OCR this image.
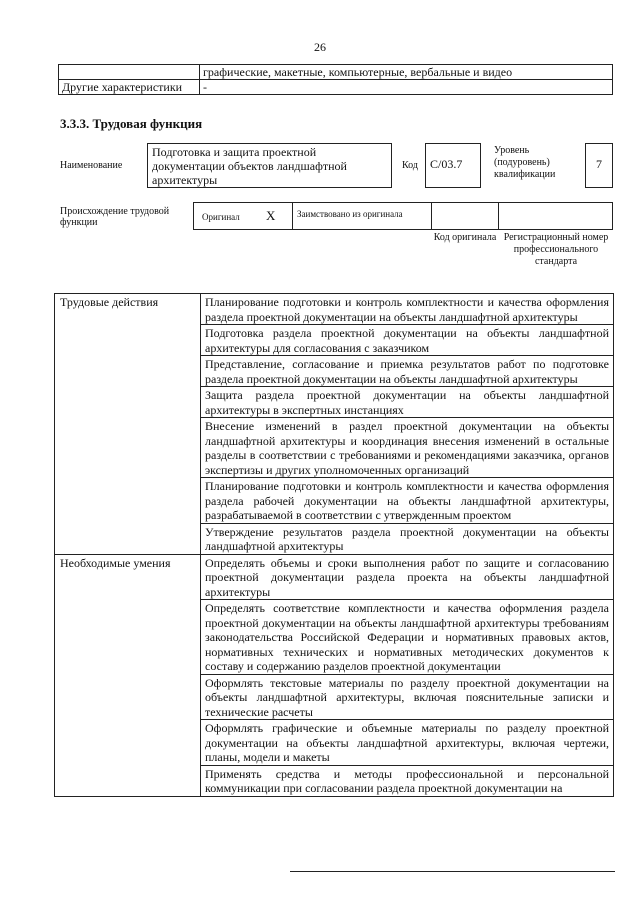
26
	графические, макетные, компьютерные, вербальные и видео
Другие характеристики	-
3.3.3. Трудовая функция
Наименование
Подготовка и защита проектной документации объектов ландшафтной архитектуры
Код	С/03.7
Уровень (подуровень) квалификации
7
Происхождение трудовой функции	Оригинал X	Заимствовано из оригинала
Код оригинала Регистрационный номер профессионального стандарта
Трудовые действия	Планирование подготовки и контроль комплектности и качества оформления раздела проектной документации на объекты ландшафтной архитектуры
	Подготовка раздела проектной документации на объекты ландшафтной архитектуры для согласования с заказчиком
	Представление, согласование и приемка результатов работ по подготовке раздела проектной документации на объекты ландшафтной архитектуры
	Защита раздела проектной документации на объекты ландшафтной архитектуры в экспертных инстанциях
	Внесение изменений в раздел проектной документации на объекты ландшафтной архитектуры и координация внесения изменений в остальные разделы в соответствии с требованиями и рекомендациями заказчика, органов экспертизы и других уполномоченных организаций
	Планирование подготовки и контроль комплектности и качества оформления раздела рабочей документации на объекты ландшафтной архитектуры, разрабатываемой в соответствии с утвержденным проектом
	Утверждение результатов раздела проектной документации на объекты ландшафтной архитектуры
Необходимые умения	Определять объемы и сроки выполнения работ по защите и согласованию проектной документации раздела проекта на объекты ландшафтной архитектуры
	Определять соответствие комплектности и качества оформления раздела проектной документации на объекты ландшафтной архитектуры требованиям законодательства Российской Федерации и нормативных правовых актов, нормативных технических и нормативных методических документов к составу и содержанию разделов проектной документации
	Оформлять текстовые материалы по разделу проектной документации на объекты ландшафтной архитектуры, включая пояснительные записки и технические расчеты
	Оформлять графические и объемные материалы по разделу проектной документации на объекты ландшафтной архитектуры, включая чертежи, планы, модели и макеты
	Применять средства и методы профессиональной и персональной коммуникации при согласовании раздела проектной документации на
